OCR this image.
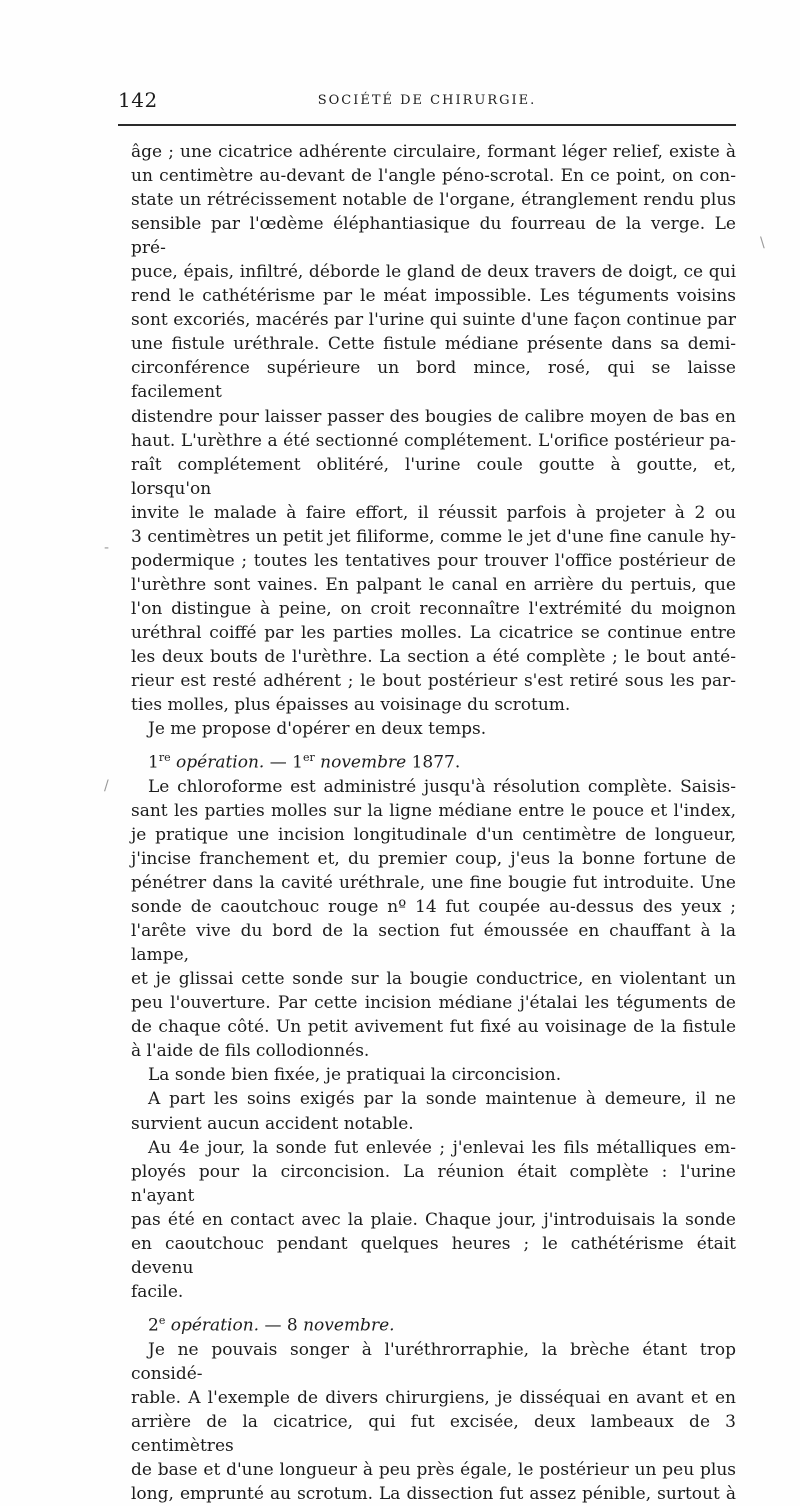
142	SOCIÉTÉ DE CHIRURGIE.
\
-
/

âge ; une cicatrice adhérente circulaire, formant léger relief, existe à

un centimètre au-devant de l'angle péno-scrotal. En ce point, on con-

state un rétrécissement notable de l'organe, étranglement rendu plus

sensible par l'œdème éléphantiasique du fourreau de la verge. Le pré-

puce, épais, infiltré, déborde le gland de deux travers de doigt, ce qui

rend le cathétérisme par le méat impossible. Les téguments voisins

sont excoriés, macérés par l'urine qui suinte d'une façon continue par

une fistule uréthrale. Cette fistule médiane présente dans sa demi-

circonférence supérieure un bord mince, rosé, qui se laisse facilement

distendre pour laisser passer des bougies de calibre moyen de bas en

haut. L'urèthre a été sectionné complétement. L'orifice postérieur pa-

raît complétement oblitéré, l'urine coule goutte à goutte, et, lorsqu'on

invite le malade à faire effort, il réussit parfois à projeter à 2 ou

3 centimètres un petit jet filiforme, comme le jet d'une fine canule hy-

podermique ; toutes les tentatives pour trouver l'office postérieur de

l'urèthre sont vaines. En palpant le canal en arrière du pertuis, que

l'on distingue à peine, on croit reconnaître l'extrémité du moignon

uréthral coiffé par les parties molles. La cicatrice se continue entre

les deux bouts de l'urèthre. La section a été complète ; le bout anté-

rieur est resté adhérent ; le bout postérieur s'est retiré sous les par-

ties molles, plus épaisses au voisinage du scrotum.

Je me propose d'opérer en deux temps.

1re opération. — 1er novembre 1877.

Le chloroforme est administré jusqu'à résolution complète. Saisis-

sant les parties molles sur la ligne médiane entre le pouce et l'index,

je pratique une incision longitudinale d'un centimètre de longueur,

j'incise franchement et, du premier coup, j'eus la bonne fortune de

pénétrer dans la cavité uréthrale, une fine bougie fut introduite. Une

sonde de caoutchouc rouge nº 14 fut coupée au-dessus des yeux ;

l'arête vive du bord de la section fut émoussée en chauffant à la lampe,

et je glissai cette sonde sur la bougie conductrice, en violentant un

peu l'ouverture. Par cette incision médiane j'étalai les téguments de

de chaque côté. Un petit avivement fut fixé au voisinage de la fistule

à l'aide de fils collodionnés.

La sonde bien fixée, je pratiquai la circoncision.

A part les soins exigés par la sonde maintenue à demeure, il ne

survient aucun accident notable.

Au 4e jour, la sonde fut enlevée ; j'enlevai les fils métalliques em-

ployés pour la circoncision. La réunion était complète : l'urine n'ayant

pas été en contact avec la plaie. Chaque jour, j'introduisais la sonde

en caoutchouc pendant quelques heures ; le cathétérisme était devenu

facile.

2e opération. — 8 novembre.

Je ne pouvais songer à l'uréthrorraphie, la brèche étant trop considé-

rable. A l'exemple de divers chirurgiens, je disséquai en avant et en

arrière de la cicatrice, qui fut excisée, deux lambeaux de 3 centimètres

de base et d'une longueur à peu près égale, le postérieur un peu plus

long, emprunté au scrotum. La dissection fut assez pénible, surtout à
